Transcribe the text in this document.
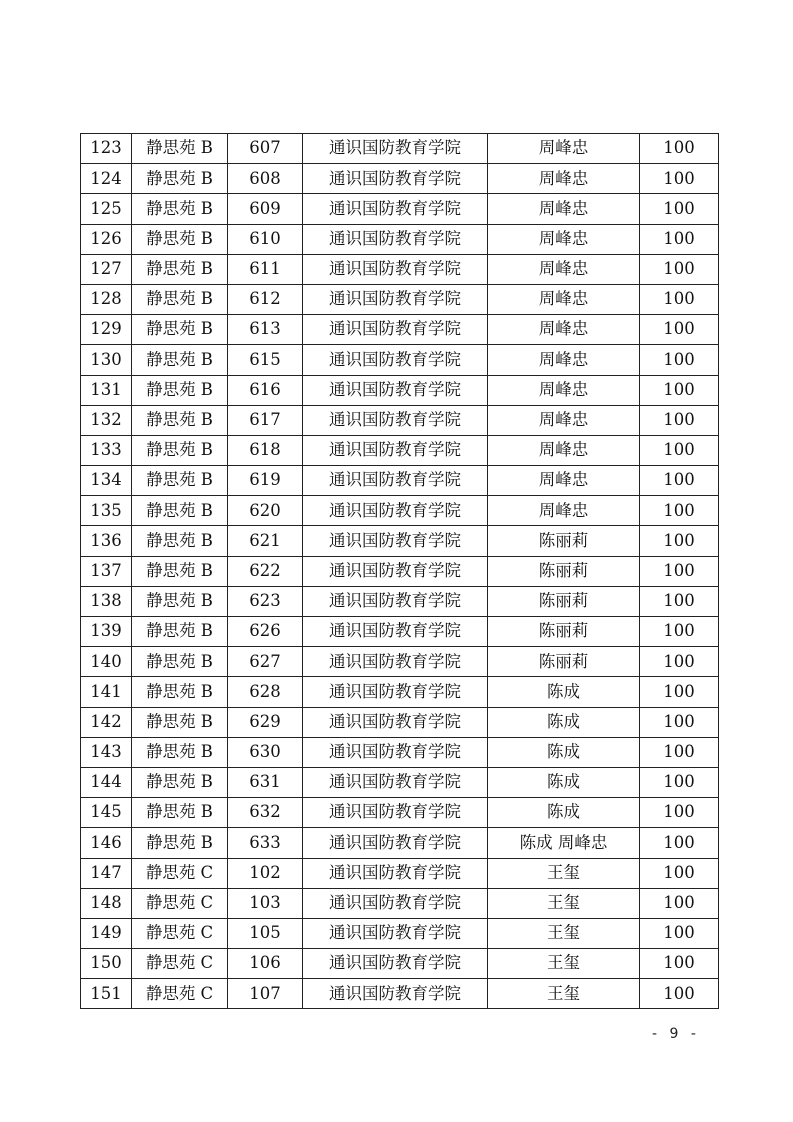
123	静思苑 B	607	通识国防教育学院	周峰忠	100
124	静思苑 B	608	通识国防教育学院	周峰忠	100
125	静思苑 B	609	通识国防教育学院	周峰忠	100
126	静思苑 B	610	通识国防教育学院	周峰忠	100
127	静思苑 B	611	通识国防教育学院	周峰忠	100
128	静思苑 B	612	通识国防教育学院	周峰忠	100
129	静思苑 B	613	通识国防教育学院	周峰忠	100
130	静思苑 B	615	通识国防教育学院	周峰忠	100
131	静思苑 B	616	通识国防教育学院	周峰忠	100
132	静思苑 B	617	通识国防教育学院	周峰忠	100
133	静思苑 B	618	通识国防教育学院	周峰忠	100
134	静思苑 B	619	通识国防教育学院	周峰忠	100
135	静思苑 B	620	通识国防教育学院	周峰忠	100
136	静思苑 B	621	通识国防教育学院	陈丽莉	100
137	静思苑 B	622	通识国防教育学院	陈丽莉	100
138	静思苑 B	623	通识国防教育学院	陈丽莉	100
139	静思苑 B	626	通识国防教育学院	陈丽莉	100
140	静思苑 B	627	通识国防教育学院	陈丽莉	100
141	静思苑 B	628	通识国防教育学院	陈成	100
142	静思苑 B	629	通识国防教育学院	陈成	100
143	静思苑 B	630	通识国防教育学院	陈成	100
144	静思苑 B	631	通识国防教育学院	陈成	100
145	静思苑 B	632	通识国防教育学院	陈成	100
146	静思苑 B	633	通识国防教育学院	陈成 周峰忠	100
147	静思苑 C	102	通识国防教育学院	王玺	100
148	静思苑 C	103	通识国防教育学院	王玺	100
149	静思苑 C	105	通识国防教育学院	王玺	100
150	静思苑 C	106	通识国防教育学院	王玺	100
151	静思苑 C	107	通识国防教育学院	王玺	100
- 9 -
